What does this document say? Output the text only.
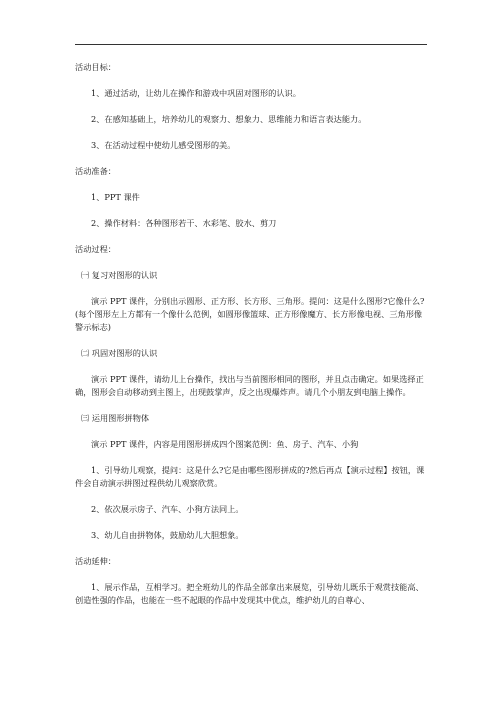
活动目标：

1、通过活动，让幼儿在操作和游戏中巩固对图形的认识。

2、在感知基础上，培养幼儿的观察力、想象力、思维能力和语言表达能力。

3、在活动过程中使幼儿感受图形的美。

活动准备：

1、PPT 课件

2、操作材料：各种图形若干、水彩笔、胶水、剪刀

活动过程：

㈠ 复习对图形的认识

演示 PPT 课件，分别出示圆形、正方形、长方形、三角形。提问：这是什么图形?它像什么?(每个图形左上方都有一个像什么范例，如圆形像篮球、正方形像魔方、长方形像电视、三角形像警示标志)

㈡ 巩固对图形的认识

演示 PPT 课件，请幼儿上台操作，找出与当前图形相同的图形，并且点击确定。如果选择正确，图形会自动移动到主图上，出现鼓掌声，反之出现爆炸声。请几个小朋友到电脑上操作。

㈢ 运用图形拼物体

演示 PPT 课件，内容是用图形拼成四个图案范例：鱼、房子、汽车、小狗

1、引导幼儿观察，提问：这是什么?它是由哪些图形拼成的?然后再点【演示过程】按钮，课件会自动演示拼图过程供幼儿观察欣赏。

2、依次展示房子、汽车、小狗方法同上。

3、幼儿自由拼物体，鼓励幼儿大胆想象。

活动延伸：

1、展示作品，互相学习。把全班幼儿的作品全部拿出来展览，引导幼儿既乐于观赏技能高、创造性强的作品，也能在一些不起眼的作品中发现其中优点，维护幼儿的自尊心、
